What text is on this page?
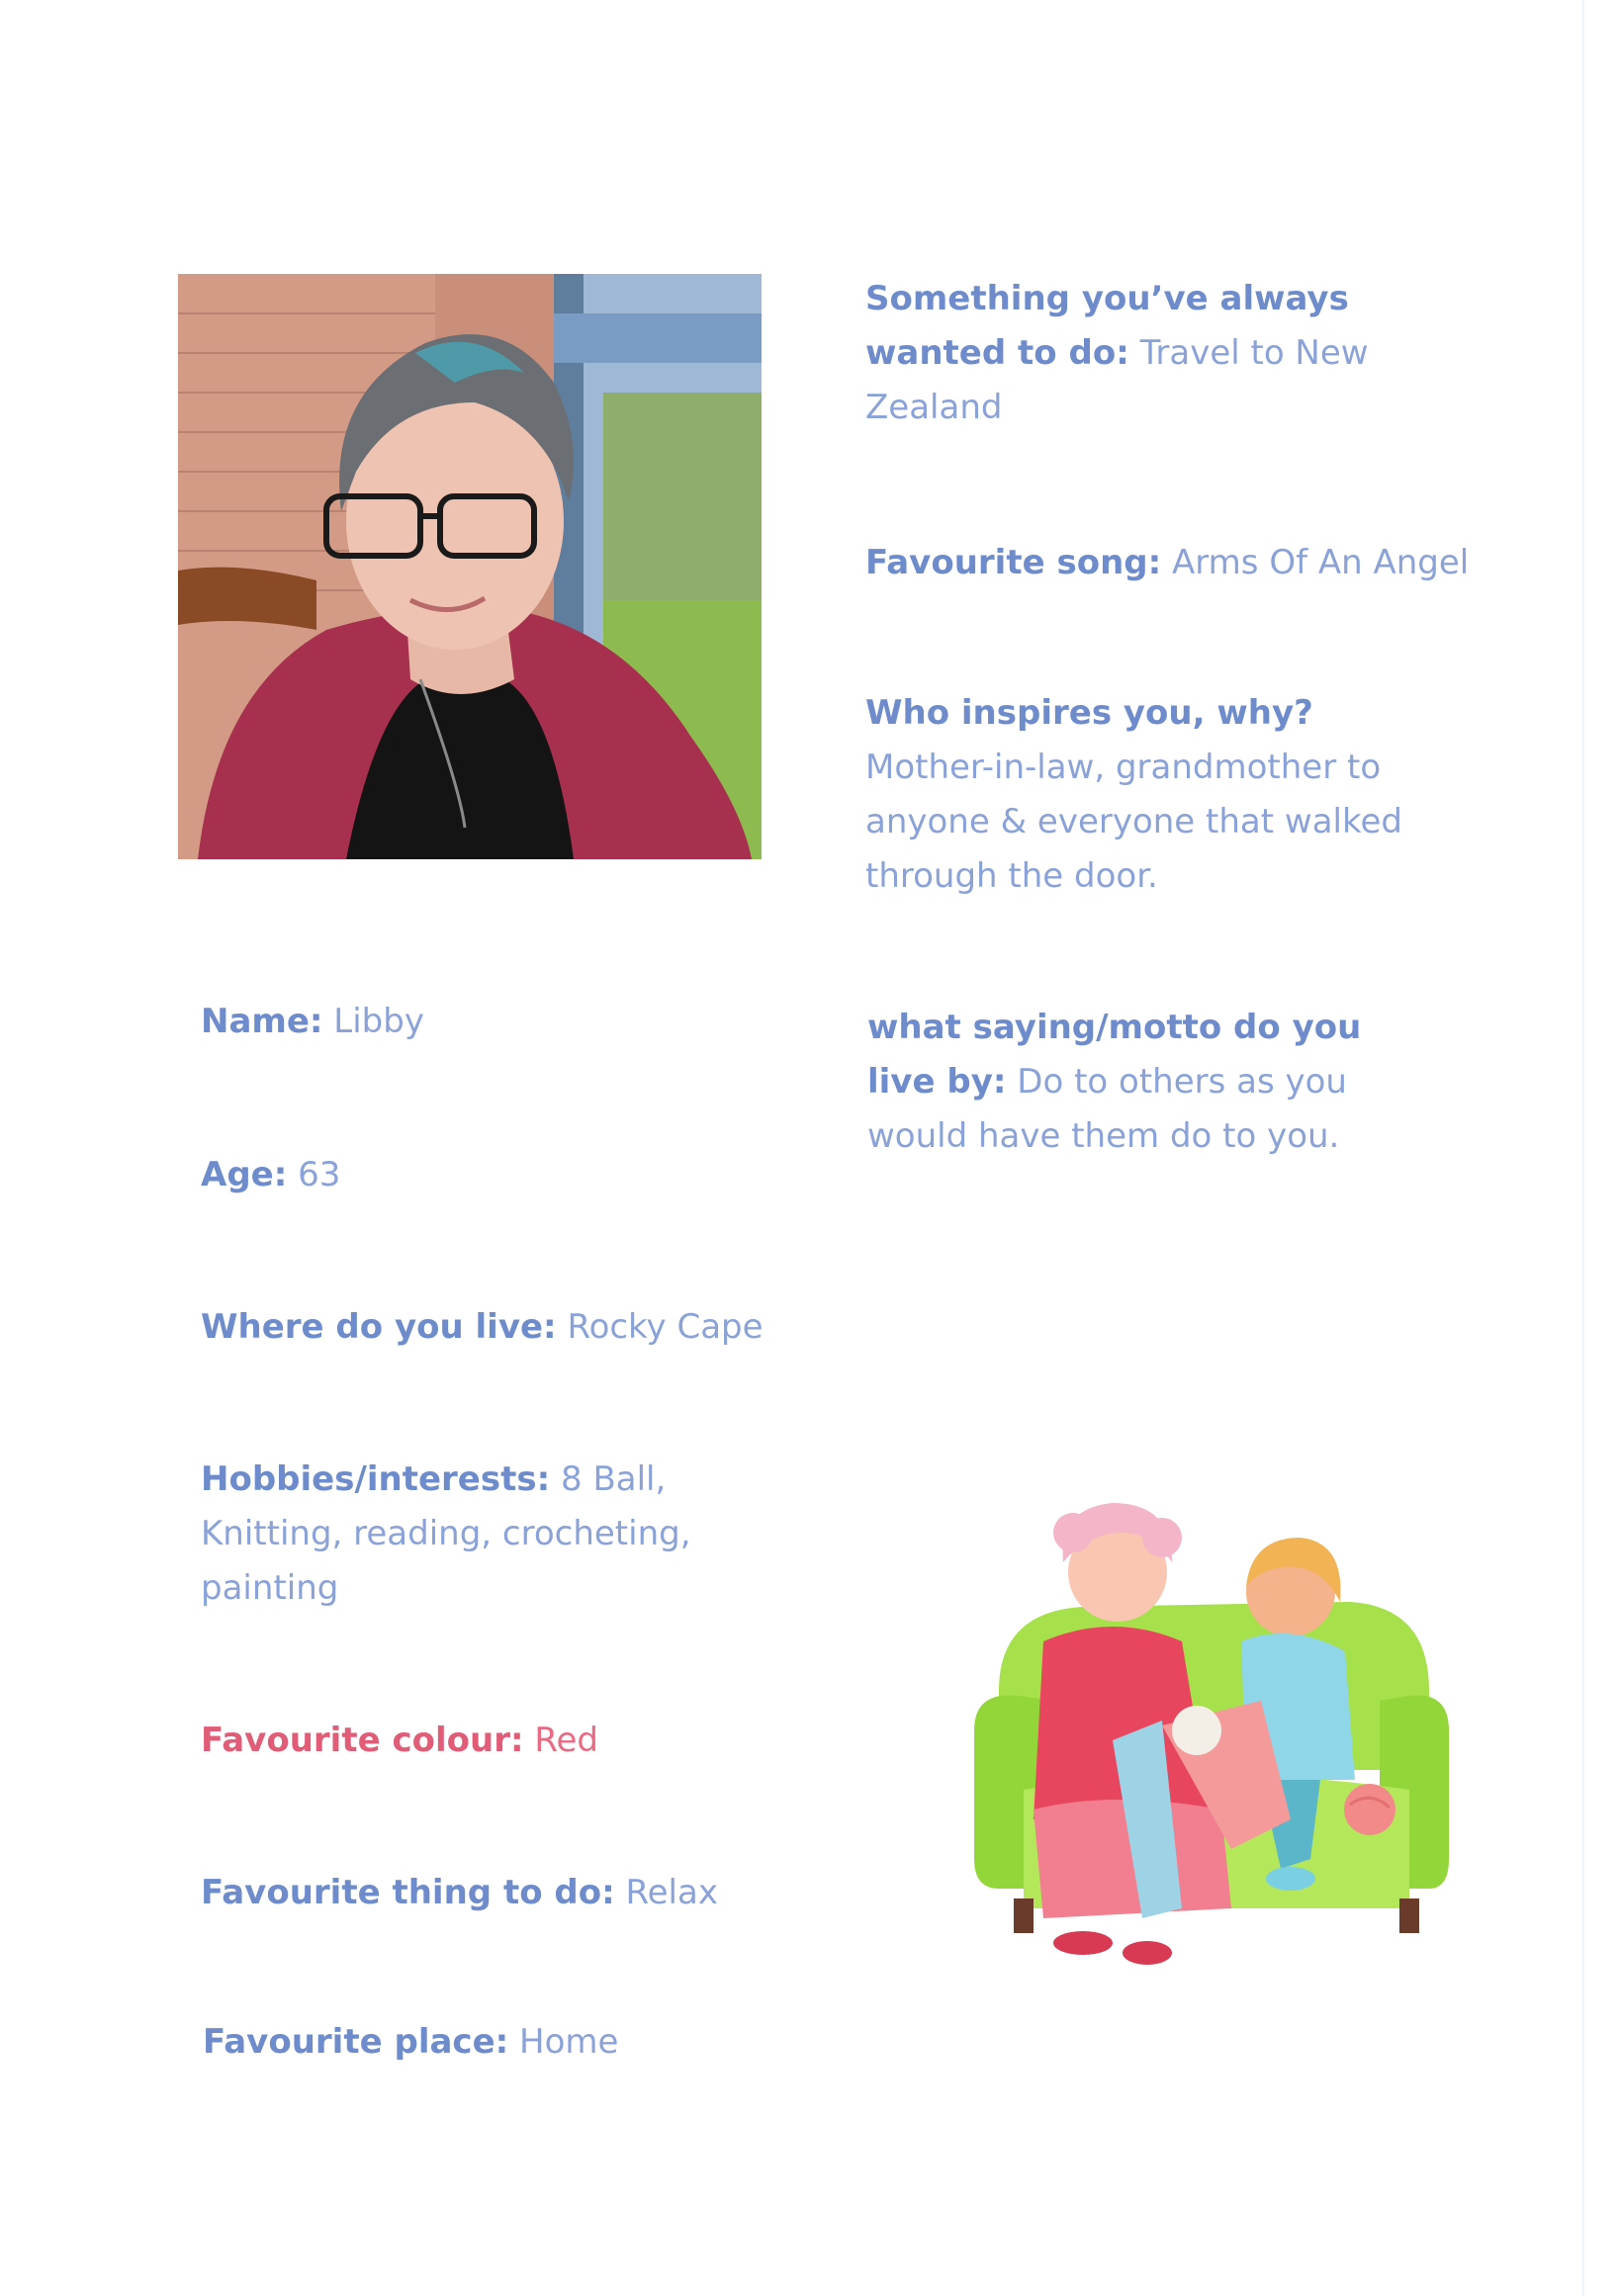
Name: Libby

Age: 63

Where do you live: Rocky Cape

Hobbies/interests: 8 Ball, Knitting, reading, crocheting, painting

Favourite colour: Red

Favourite thing to do: Relax

Favourite place: Home

Something you’ve always wanted to do: Travel to New Zealand

Favourite song: Arms Of An Angel

Who inspires you, why? Mother-in-law, grandmother to anyone & everyone that walked through the door.

what saying/motto do you live by: Do to others as you would have them do to you.
